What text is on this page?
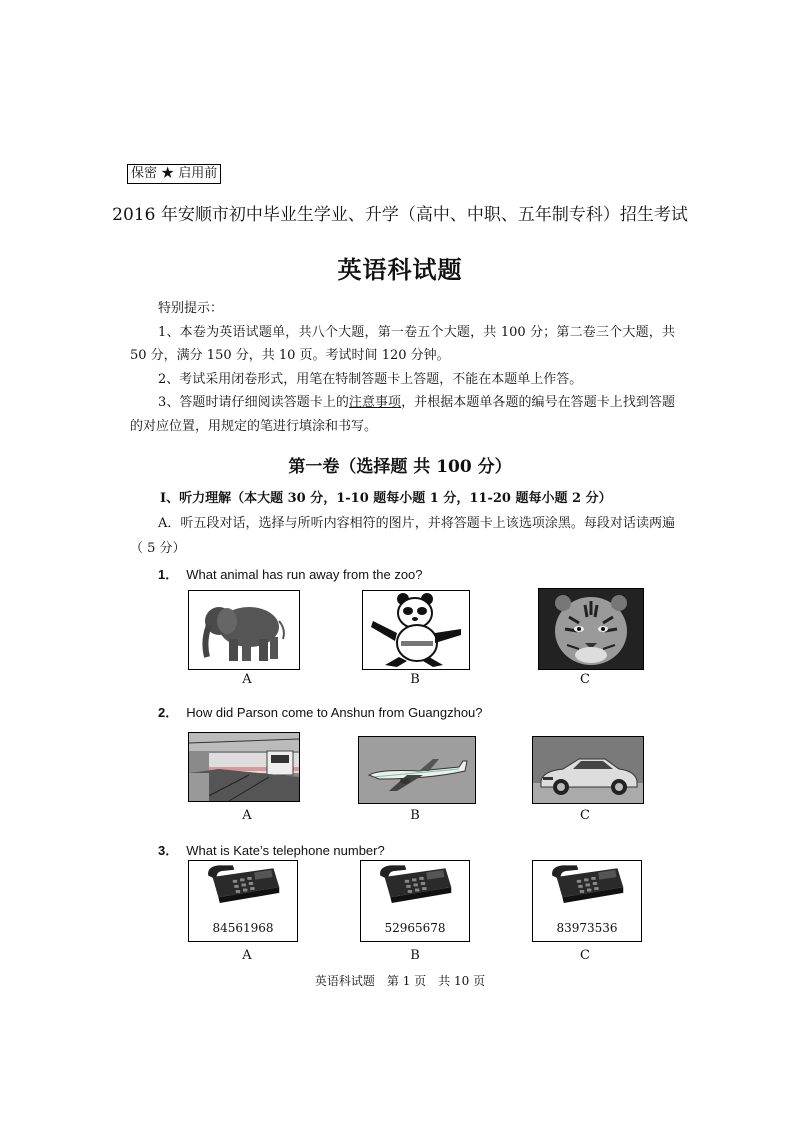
保密 ★ 启用前
2016 年安顺市初中毕业生学业、升学（高中、中职、五年制专科）招生考试
英语科试题

特别提示：

1、本卷为英语试题单，共八个大题，第一卷五个大题，共 100 分；第二卷三个大题，共 50 分，满分 150 分，共 10 页。考试时间 120 分钟。

2、考试采用闭卷形式，用笔在特制答题卡上答题，不能在本题单上作答。

3、答题时请仔细阅读答题卡上的注意事项，并根据本题单各题的编号在答题卡上找到答题的对应位置，用规定的笔进行填涂和书写。

第一卷（选择题 共 100 分）
Ⅰ、听力理解（本大题 30 分，1-10 题每小题 1 分，11-20 题每小题 2 分）
A．听五段对话，选择与所听内容相符的图片，并将答题卡上该选项涂黑。每段对话读两遍（ 5 分）
1． What animal has run away from the zoo?
A	B	C
2． How did Parson come to Anshun from Guangzhou?
A	B	C
3． What is Kate’s telephone number?
84561968	52965678	83973536
A	B	C
英语科试题　第 1 页　共 10 页
